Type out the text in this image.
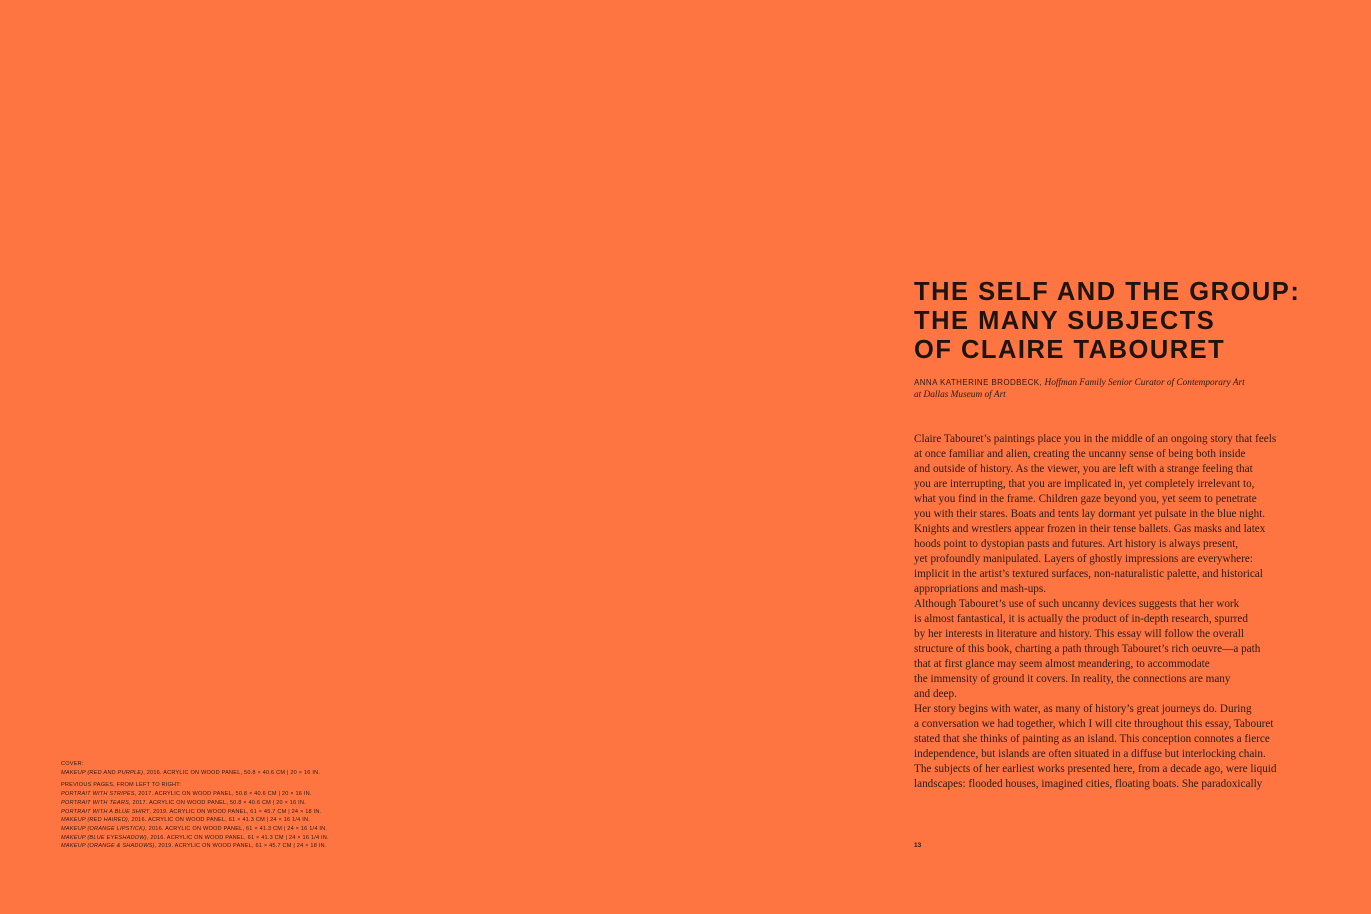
COVER:
MAKEUP (RED AND PURPLE), 2016. ACRYLIC ON WOOD PANEL, 50.8 × 40.6 CM | 20 × 16 IN.
PREVIOUS PAGES, FROM LEFT TO RIGHT:
PORTRAIT WITH STRIPES, 2017. ACRYLIC ON WOOD PANEL, 50.8 × 40.6 CM | 20 × 16 IN.
PORTRAIT WITH TEARS, 2017. ACRYLIC ON WOOD PANEL, 50.8 × 40.6 CM | 20 × 16 IN.
PORTRAIT WITH A BLUE SHIRT, 2019. ACRYLIC ON WOOD PANEL, 61 × 45.7 CM | 24 × 18 IN.
MAKEUP (RED HAIRED), 2016. ACRYLIC ON WOOD PANEL, 61 × 41.3 CM | 24 × 16 1/4 IN.
MAKEUP (ORANGE LIPSTICK), 2016. ACRYLIC ON WOOD PANEL, 61 × 41.3 CM | 24 × 16 1/4 IN.
MAKEUP (BLUE EYESHADOW), 2016. ACRYLIC ON WOOD PANEL, 61 × 41.3 CM | 24 × 16 1/4 IN.
MAKEUP (ORANGE & SHADOWS), 2019. ACRYLIC ON WOOD PANEL, 61 × 45.7 CM | 24 × 18 IN.
THE SELF AND THE GROUP:
THE MANY SUBJECTS
OF CLAIRE TABOURET
ANNA KATHERINE BRODBECK, Hoffman Family Senior Curator of Contemporary Art
at Dallas Museum of Art
Claire Tabouret’s paintings place you in the middle of an ongoing story that feels
at once familiar and alien, creating the uncanny sense of being both inside
and outside of history. As the viewer, you are left with a strange feeling that
you are interrupting, that you are implicated in, yet completely irrelevant to,
what you find in the frame. Children gaze beyond you, yet seem to penetrate
you with their stares. Boats and tents lay dormant yet pulsate in the blue night.
Knights and wrestlers appear frozen in their tense ballets. Gas masks and latex
hoods point to dystopian pasts and futures. Art history is always present,
yet profoundly manipulated. Layers of ghostly impressions are everywhere:
implicit in the artist’s textured surfaces, non-naturalistic palette, and historical
appropriations and mash-ups.
Although Tabouret’s use of such uncanny devices suggests that her work
is almost fantastical, it is actually the product of in-depth research, spurred
by her interests in literature and history. This essay will follow the overall
structure of this book, charting a path through Tabouret’s rich oeuvre—a path
that at first glance may seem almost meandering, to accommodate
the immensity of ground it covers. In reality, the connections are many
and deep.
Her story begins with water, as many of history’s great journeys do. During
a conversation we had together, which I will cite throughout this essay, Tabouret
stated that she thinks of painting as an island. This conception connotes a fierce
independence, but islands are often situated in a diffuse but interlocking chain.
The subjects of her earliest works presented here, from a decade ago, were liquid
landscapes: flooded houses, imagined cities, floating boats. She paradoxically
13
